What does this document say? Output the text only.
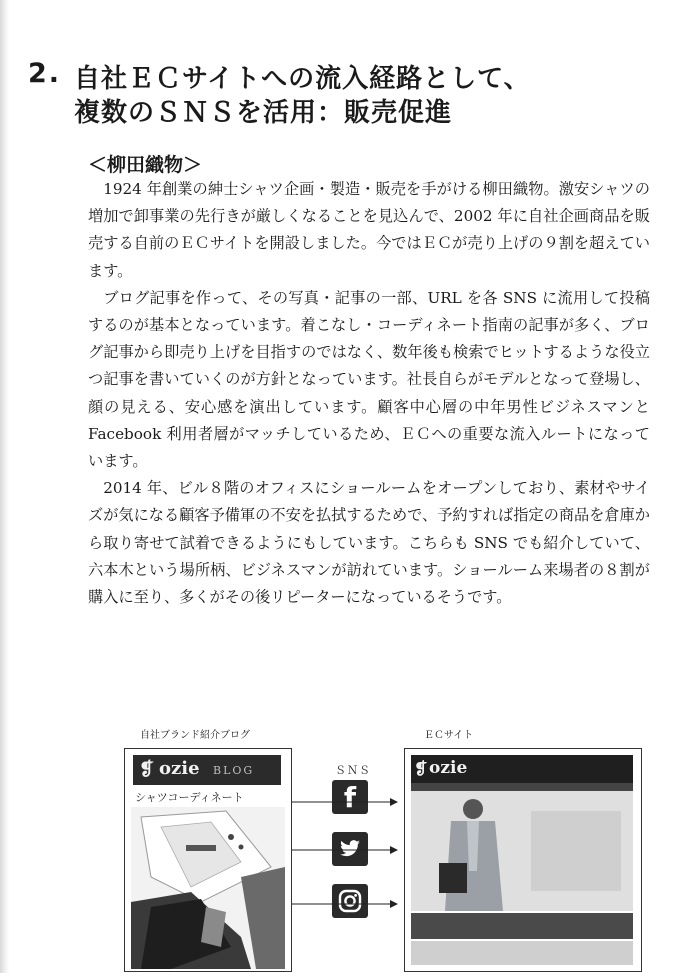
2. 自社ＥＣサイトへの流入経路として、
複数のＳＮＳを活用：販売促進
＜柳田織物＞

1924 年創業の紳士シャツ企画・製造・販売を手がける柳田織物。激安シャツの増加で卸事業の先行きが厳しくなることを見込んで、2002 年に自社企画商品を販売する自前のＥＣサイトを開設しました。今ではＥＣが売り上げの９割を超えています。

ブログ記事を作って、その写真・記事の一部、URL を各 SNS に流用して投稿するのが基本となっています。着こなし・コーディネート指南の記事が多く、ブログ記事から即売り上げを目指すのではなく、数年後も検索でヒットするような役立つ記事を書いていくのが方針となっています。社長自らがモデルとなって登場し、顔の見える、安心感を演出しています。顧客中心層の中年男性ビジネスマンと Facebook 利用者層がマッチしているため、ＥＣへの重要な流入ルートになっています。

2014 年、ビル８階のオフィスにショールームをオープンしており、素材やサイズが気になる顧客予備軍の不安を払拭するためで、予約すれば指定の商品を倉庫から取り寄せて試着できるようにもしています。こちらも SNS でも紹介していて、六本木という場所柄、ビジネスマンが訪れています。ショールーム来場者の８割が購入に至り、多くがその後リピーターになっているそうです。

自社ブランド紹介ブログ	ＥＣサイト
ＳＮＳ
❡ ozie BLOG
シャツコーディネート	f
❡ ozie
